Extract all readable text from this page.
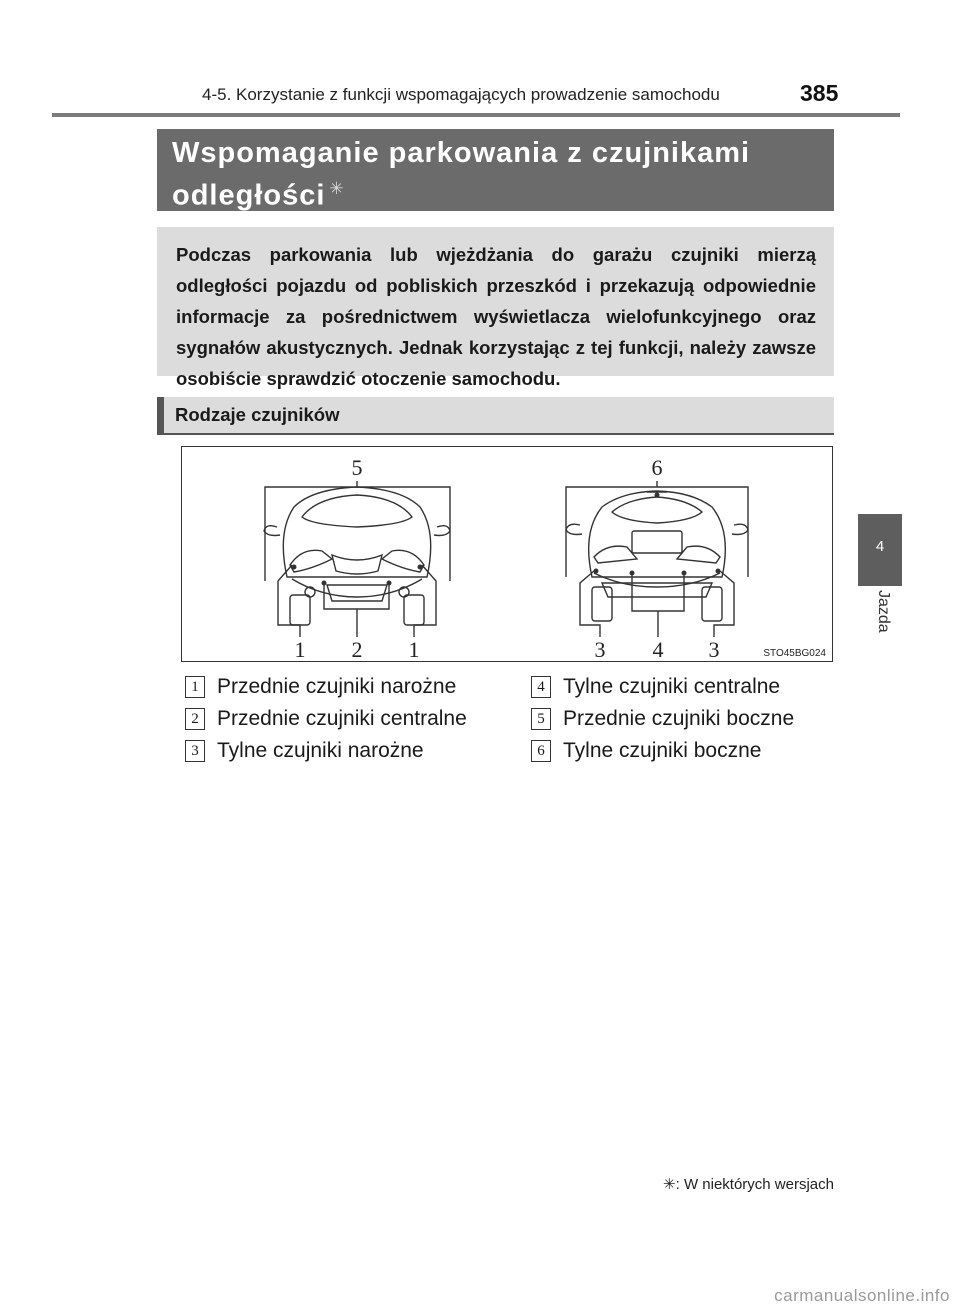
4-5. Korzystanie z funkcji wspomagających prowadzenie samochodu	385
4
Jazda
Wspomaganie parkowania z czujnikami
odległości ✳
Podczas parkowania lub wjeżdżania do garażu czujniki mierzą odległości pojazdu od pobliskich przeszkód i przekazują odpowiednie informacje za pośrednictwem wyświetlacza wielofunkcyjnego oraz sygnałów akustycznych. Jednak korzystając z tej funkcji, należy zawsze osobiście sprawdzić otoczenie samochodu.
Rodzaje czujników
5	6
1 2 1	3 4 3	STO45BG024
1 Przednie czujniki narożne
2 Przednie czujniki centralne
3 Tylne czujniki narożne
4 Tylne czujniki centralne
5 Przednie czujniki boczne
6 Tylne czujniki boczne
✳: W niektórych wersjach
carmanualsonline.info
